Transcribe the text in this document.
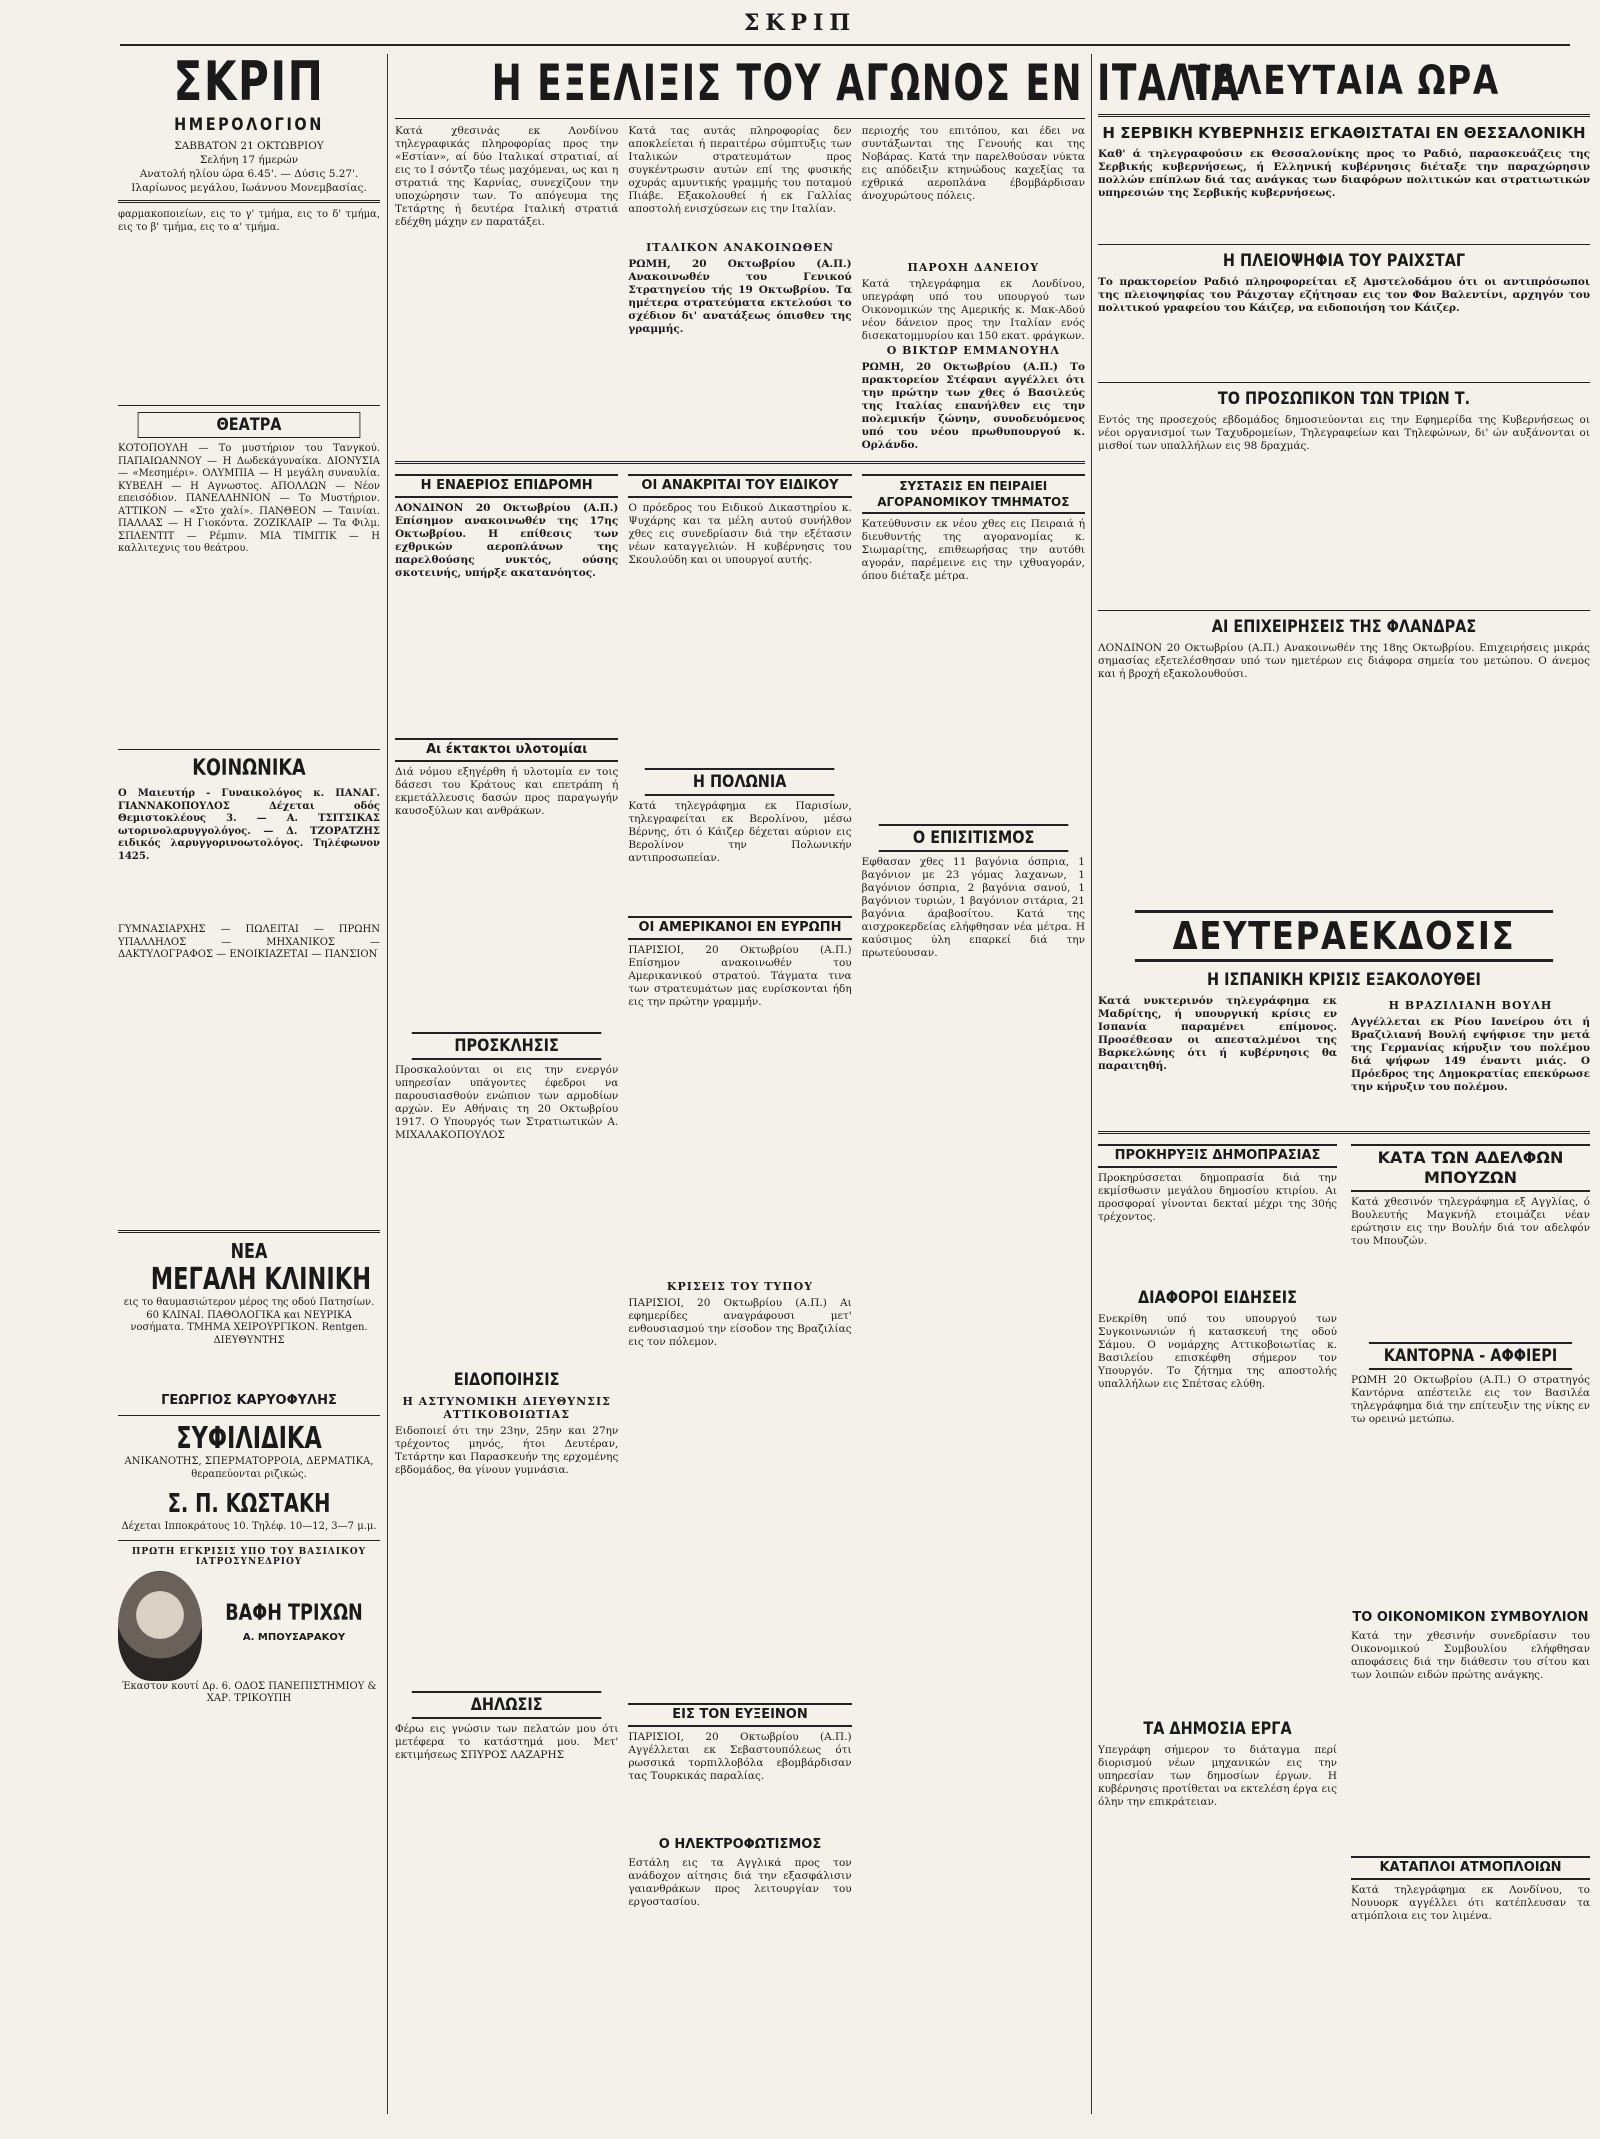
ΣΚΡΙΠ
ΣΚΡΙΠ
ΗΜΕΡΟΛΟΓΙΟΝ
ΣΑΒΒΑΤΟΝ 21 ΟΚΤΩΒΡΙΟΥ
Σελήνη 17 ήμερών
Ανατολή ηλίου ώρα 6.45'. — Δύσις 5.27'.
Ιλαρίωνος μεγάλου, Ιωάννου Μονεμβασίας.

φαρμακοποιείων, εις το γ' τμήμα, εις το δ' τμήμα, εις το β' τμήμα, εις το α' τμήμα.

ΘΕΑΤΡΑ

ΚΟΤΟΠΟΥΛΗ — Το μυστήριον του Τανγκού. ΠΑΠΑΙΩΑΝΝΟΥ — Η Δωδεκάγυναίκα. ΔΙΟΝΥΣΙΑ — «Μεσημέρι». ΟΛΥΜΠΙΑ — Η μεγάλη συναυλία. ΚΥΒΕΛΗ — Η Αγνωστος. ΑΠΟΛΛΩΝ — Νέον επεισόδιον. ΠΑΝΕΛΛΗΝΙΟΝ — Το Μυστήριον. ΑΤΤΙΚΟΝ — «Στο χαλί». ΠΑΝΘΕΟΝ — Ταινίαι. ΠΑΛΛΑΣ — Η Γιοκόντα. ΖΟΖΙΚΛΑΙΡ — Τα Φιλμ. ΣΠΛΕΝΤΙΤ — Ρέμπιν. ΜΙΑ ΤΙΜΙΤΙΚ — Η καλλιτεχνις του θεάτρου.

ΚΟΙΝΩΝΙΚΑ

Ο Μαιευτήρ - Γυναικολόγος κ. ΠΑΝΑΓ. ΓΙΑΝΝΑΚΟΠΟΥΛΟΣ Δέχεται οδός Θεμιστοκλέους 3. — Α. ΤΣΙΤΣΙΚΑΣ ωτορινολαρυγγολόγος. — Δ. ΤΖΟΡΑΤΖΗΣ ειδικός λαρυγγορινοωτολόγος. Τηλέφωνον 1425.

ΓΥΜΝΑΣΙΑΡΧΗΣ — ΠΩΛΕΙΤΑΙ — ΠΡΩΗΝ ΥΠΑΛΛΗΛΟΣ — ΜΗΧΑΝΙΚΟΣ — ΔΑΚΤΥΛΟΓΡΑΦΟΣ — ΕΝΟΙΚΙΑΖΕΤΑΙ — ΠΑΝΣΙΟΝ

ΝΕΑ
ΜΕΓΑΛΗ ΚΛΙΝΙΚΗ

εις το θαυμασιώτερον μέρος της οδού Πατησίων. 60 ΚΛΙΝΑΙ. ΠΑΘΟΛΟΓΙΚΑ και ΝΕΥΡΙΚΑ νοσήματα. ΤΜΗΜΑ ΧΕΙΡΟΥΡΓΙΚΟΝ. Rentgen. ΔΙΕΥΘΥΝΤΗΣ

ΓΕΩΡΓΙΟΣ ΚΑΡΥΟΦΥΛΗΣ
ΣΥΦΙΛΙΔΙΚΑ

ΑΝΙΚΑΝΟΤΗΣ, ΣΠΕΡΜΑΤΟΡΡΟΙΑ, ΔΕΡΜΑΤΙΚΑ, θεραπεύονται ριζικώς.

Σ. Π. ΚΩΣΤΑΚΗ

Δέχεται Ιπποκράτους 10. Τηλέφ. 10—12, 3—7 μ.μ.

ΠΡΩΤΗ ΕΓΚΡΙΣΙΣ ΥΠΟ ΤΟΥ ΒΑΣΙΛΙΚΟΥ ΙΑΤΡΟΣΥΝΕΔΡΙΟΥ
ΒΑΦΗ ΤΡΙΧΩΝ
Α. ΜΠΟΥΣΑΡΑΚΟΥ

Έκαστον κουτί Δρ. 6. ΟΔΟΣ ΠΑΝΕΠΙΣΤΗΜΙΟΥ & ΧΑΡ. ΤΡΙΚΟΥΠΗ

Η ΕΞΕΛΙΞΙΣ ΤΟΥ ΑΓΩΝΟΣ ΕΝ ΙΤΑΛΙΑ

Κατά χθεσινάς εκ Λονδίνου τηλεγραφικάς πληροφορίας προς την «Εστίαν», αί δύο Ιταλικαί στρατιαί, αί εις το Ι σόντζο τέως μαχόμεναι, ως και η στρατιά της Καρνίας, συνεχίζουν την υποχώρησιν των. Το απόγευμα της Τετάρτης ή δευτέρα Ιταλική στρατιά εδέχθη μάχην εν παρατάξει.

Κατά τας αυτάς πληροφορίας δεν αποκλείεται ή περαιτέρω σύμπτυξις των Ιταλικών στρατευμάτων προς συγκέντρωσιν αυτών επί της φυσικής οχυράς αμυντικής γραμμής του ποταμού Πιάβε. Εξακολουθεί ή εκ Γαλλίας αποστολή ενισχύσεων εις την Ιταλίαν.

ΙΤΑΛΙΚΟΝ ΑΝΑΚΟΙΝΩΘΕΝ

ΡΩΜΗ, 20 Οκτωβρίου (Α.Π.) Ανακοινωθέν του Γενικού Στρατηγείου τής 19 Οκτωβρίου. Τα ημέτερα στρατεύματα εκτελούσι το σχέδιον δι' ανατάξεως όπισθεν της γραμμής.

περιοχής του επιτόπου, και έδει να συντάξωνται της Γενουής και της Νοβάρας. Κατά την παρελθούσαν νύκτα εις απόδειξιν κτηνώδους καχεξίας τα εχθρικά αεροπλάνα έβομβάρδισαν άνοχυρώτους πόλεις.

ΠΑΡΟΧΗ ΔΑΝΕΙΟΥ

Κατά τηλεγράφημα εκ Λονδίνου, υπεγράφη υπό του υπουργού των Οικονομικών της Αμερικής κ. Μακ-Αδού νέον δάνειον προς την Ιταλίαν ενός δισεκατομμυρίου και 150 εκατ. φράγκων.

Ο ΒΙΚΤΩΡ ΕΜΜΑΝΟΥΗΛ

ΡΩΜΗ, 20 Οκτωβρίου (Α.Π.) Το πρακτορείον Στέφανι αγγέλλει ότι την πρώτην των χθες ό Βασιλεύς της Ιταλίας επανήλθεν εις την πολεμικήν ζώνην, συνοδευόμενος υπό του νέου πρωθυπουργού κ. Ορλάνδο.

Η ΕΝΑΕΡΙΟΣ ΕΠΙΔΡΟΜΗ

ΛΟΝΔΙΝΟΝ 20 Οκτωβρίου (Α.Π.) Επίσημον ανακοινωθέν της 17ης Οκτωβρίου. Η επίθεσις των εχθρικών αεροπλάνων της παρελθούσης νυκτός, ούσης σκοτεινής, υπήρξε ακατανόητος.

Αι έκτακτοι υλοτομίαι

Διά νόμου εξηγέρθη ή υλοτομία εν τοις δάσεσι του Κράτους και επετράπη ή εκμετάλλευσις δασών προς παραγωγήν καυσοξύλων και ανθράκων.

ΠΡΟΣΚΛΗΣΙΣ

Προσκαλούνται οι εις την ενεργόν υπηρεσίαν υπάγοντες έφεδροι να παρουσιασθούν ενώπιον των αρμοδίων αρχών. Εν Αθήναις τη 20 Οκτωβρίου 1917. Ο Υπουργός των Στρατιωτικών Α. ΜΙΧΑΛΑΚΟΠΟΥΛΟΣ

ΕΙΔΟΠΟΙΗΣΙΣ
Η ΑΣΤΥΝΟΜΙΚΗ ΔΙΕΥΘΥΝΣΙΣ ΑΤΤΙΚΟΒΟΙΩΤΙΑΣ

Ειδοποιεί ότι την 23ην, 25ην και 27ην τρέχοντος μηνός, ήτοι Δευτέραν, Τετάρτην και Παρασκευήν της ερχομένης εβδομάδος, θα γίνουν γυμνάσια.

ΔΗΛΩΣΙΣ

Φέρω εις γνώσιν των πελατών μου ότι μετέφερα το κατάστημά μου. Μετ' εκτιμήσεως ΣΠΥΡΟΣ ΛΑΖΑΡΗΣ

ΟΙ ΑΝΑΚΡΙΤΑΙ ΤΟΥ ΕΙΔΙΚΟΥ

Ο πρόεδρος του Ειδικού Δικαστηρίου κ. Ψυχάρης και τα μέλη αυτού συνήλθον χθες εις συνεδρίασιν διά την εξέτασιν νέων καταγγελιών. Η κυβέρνησις του Σκουλούδη και οι υπουργοί αυτής.

Η ΠΟΛΩΝΙΑ

Κατά τηλεγράφημα εκ Παρισίων, τηλεγραφείται εκ Βερολίνου, μέσω Βέρνης, ότι ό Κάιζερ δέχεται αύριον εις Βερολίνον την Πολωνικήν αντιπροσωπείαν.

ΟΙ ΑΜΕΡΙΚΑΝΟΙ ΕΝ ΕΥΡΩΠΗ

ΠΑΡΙΣΙΟΙ, 20 Οκτωβρίου (Α.Π.) Επίσημον ανακοινωθέν του Αμερικανικού στρατού. Τάγματα τινα των στρατευμάτων μας ευρίσκονται ήδη εις την πρώτην γραμμήν.

ΚΡΙΣΕΙΣ ΤΟΥ ΤΥΠΟΥ

ΠΑΡΙΣΙΟΙ, 20 Οκτωβρίου (Α.Π.) Αι εφημερίδες αναγράφουσι μετ' ενθουσιασμού την είσοδον της Βραζιλίας εις τον πόλεμον.

ΕΙΣ ΤΟΝ ΕΥΞΕΙΝΟΝ

ΠΑΡΙΣΙΟΙ, 20 Οκτωβρίου (Α.Π.) Αγγέλλεται εκ Σεβαστουπόλεως ότι ρωσσικά τορπιλλοβόλα εβομβάρδισαν τας Τουρκικάς παραλίας.

Ο ΗΛΕΚΤΡΟΦΩΤΙΣΜΟΣ

Εστάλη εις τα Αγγλικά προς τον ανάδοχον αίτησις διά την εξασφάλισιν γαιανθράκων προς λειτουργίαν του εργοστασίου.

ΣΥΣΤΑΣΙΣ ΕΝ ΠΕΙΡΑΙΕΙ ΑΓΟΡΑΝΟΜΙΚΟΥ ΤΜΗΜΑΤΟΣ

Κατεύθυνσιν εκ νέου χθες εις Πειραιά ή διευθυντής της αγορανομίας κ. Σιωμαρίτης, επιθεωρήσας την αυτόθι αγοράν, παρέμεινε εις την ιχθυαγοράν, όπου διέταξε μέτρα.

Ο ΕΠΙΣΙΤΙΣΜΟΣ

Εφθασαν χθες 11 βαγόνια όσπρια, 1 βαγόνιον με 23 γόμας λαχανων, 1 βαγόνιον όσπρια, 2 βαγόνια σανού, 1 βαγόνιον τυριών, 1 βαγόνιον σιτάρια, 21 βαγόνια άραβοσίτου. Κατά της αισχροκερδείας ελήφθησαν νέα μέτρα. Η καύσιμος ύλη επαρκεί διά την πρωτεύουσαν.

ΤΕΛΕΥΤΑΙΑ ΩΡΑ
Η ΣΕΡΒΙΚΗ ΚΥΒΕΡΝΗΣΙΣ ΕΓΚΑΘΙΣΤΑΤΑΙ ΕΝ ΘΕΣΣΑΛΟΝΙΚΗ

Καθ' ά τηλεγραφούσιν εκ Θεσσαλονίκης προς το Ραδιό, παρασκευάζεις της Σερβικής κυβερνήσεως, ή Ελληνική κυβέρνησις διέταξε την παραχώρησιν πολλών επίπλων διά τας ανάγκας των διαφόρων πολιτικών και στρατιωτικών υπηρεσιών της Σερβικής κυβερνήσεως.

Η ΠΛΕΙΟΨΗΦΙΑ ΤΟΥ ΡΑΙΧΣΤΑΓ

Το πρακτορείον Ραδιό πληροφορείται εξ Αμστελοδάμου ότι οι αντιπρόσωποι της πλειοψηφίας του Ράιχσταγ εζήτησαν εις τον Φον Βαλεντίνι, αρχηγόν του πολιτικού γραφείου του Κάιζερ, να ειδοποιήση τον Κάιζερ.

ΤΟ ΠΡΟΣΩΠΙΚΟΝ ΤΩΝ ΤΡΙΩΝ Τ.

Εντός της προσεχούς εβδομάδος δημοσιεύονται εις την Εφημερίδα της Κυβερνήσεως οι νέοι οργανισμοί των Ταχυδρομείων, Τηλεγραφείων και Τηλεφώνων, δι' ών αυξάνονται οι μισθοί των υπαλλήλων εις 98 δραχμάς.

ΑΙ ΕΠΙΧΕΙΡΗΣΕΙΣ ΤΗΣ ΦΛΑΝΔΡΑΣ

ΛΟΝΔΙΝΟΝ 20 Οκτωβρίου (Α.Π.) Ανακοινωθέν της 18ης Οκτωβρίου. Επιχειρήσεις μικράς σημασίας εξετελέσθησαν υπό των ημετέρων εις διάφορα σημεία του μετώπου. Ο άνεμος και ή βροχή εξακολουθούσι.

ΔΕΥΤΕΡΑΕΚΔΟΣΙΣ
Η ΙΣΠΑΝΙΚΗ ΚΡΙΣΙΣ ΕΞΑΚΟΛΟΥΘΕΙ

Κατά νυκτερινόν τηλεγράφημα εκ Μαδρίτης, ή υπουργική κρίσις εν Ισπανία παραμένει επίμονος. Προσέθεσαν οι απεσταλμένοι της Βαρκελώνης ότι ή κυβέρνησις θα παραιτηθή.

Η ΒΡΑΖΙΛΙΑΝΗ ΒΟΥΛΗ

Αγγέλλεται εκ Ρίου Ιανείρου ότι ή Βραζιλιανή Βουλή εψήφισε την μετά της Γερμανίας κήρυξιν του πολέμου διά ψήφων 149 έναντι μιάς. Ο Πρόεδρος της Δημοκρατίας επεκύρωσε την κήρυξιν του πολέμου.

ΠΡΟΚΗΡΥΞΙΣ ΔΗΜΟΠΡΑΣΙΑΣ

Προκηρύσσεται δημοπρασία διά την εκμίσθωσιν μεγάλου δημοσίου κτιρίου. Αι προσφοραί γίνονται δεκταί μέχρι της 30ής τρέχοντος.

ΔΙΑΦΟΡΟΙ ΕΙΔΗΣΕΙΣ

Ενεκρίθη υπό του υπουργού των Συγκοινωνιών ή κατασκευή της οδού Σάμου. Ο νομάρχης Αττικοβοιωτίας κ. Βασιλείου επισκέφθη σήμερον τον Υπουργόν. Το ζήτημα της αποστολής υπαλλήλων εις Σπέτσας ελύθη.

ΤΑ ΔΗΜΟΣΙΑ ΕΡΓΑ

Υπεγράφη σήμερον το διάταγμα περί διορισμού νέων μηχανικών εις την υπηρεσίαν των δημοσίων έργων. Η κυβέρνησις προτίθεται να εκτελέση έργα εις όλην την επικράτειαν.

ΚΑΤΑ ΤΩΝ ΑΔΕΛΦΩΝ ΜΠΟΥΖΩΝ

Κατά χθεσινόν τηλεγράφημα εξ Αγγλίας, ό Βουλευτής Μαγκνήλ ετοιμάζει νέαν ερώτησιν εις την Βουλήν διά τον αδελφόν του Μπουζών.

ΚΑΝΤΟΡΝΑ - ΑΦΦΙΕΡΙ

ΡΩΜΗ 20 Οκτωβρίου (Α.Π.) Ο στρατηγός Καντόρνα απέστειλε εις τον Βασιλέα τηλεγράφημα διά την επίτευξιν της νίκης εν τω ορεινώ μετώπω.

ΤΟ ΟΙΚΟΝΟΜΙΚΟΝ ΣΥΜΒΟΥΛΙΟΝ

Κατά την χθεσινήν συνεδρίασιν του Οικονομικού Συμβουλίου ελήφθησαν αποφάσεις διά την διάθεσιν του σίτου και των λοιπών ειδών πρώτης ανάγκης.

ΚΑΤΑΠΛΟΙ ΑΤΜΟΠΛΟΙΩΝ

Κατά τηλεγράφημα εκ Λονδίνου, το Νουυορκ αγγέλλει ότι κατέπλευσαν τα ατμόπλοια εις τον λιμένα.
